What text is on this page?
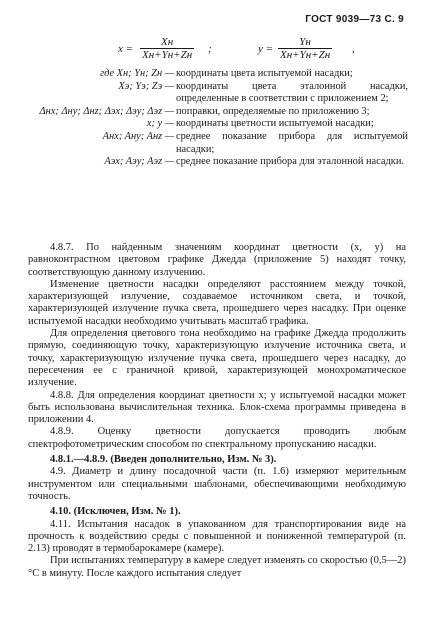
ГОСТ 9039—73 С. 9
x =
Xн
Xн+Yн+Zн ;	y =
Yн
Xн+Yн+Zн ,
где Xн; Yн; Zн — координаты цвета испытуемой насадки;
Xэ; Yэ; Zэ — координаты цвета эталонной насадки, определенные в соответствии с приложением 2;
Δнx; Δнy; Δнz; Δэx; Δэy; Δэz — поправки, определяемые по приложению 3;
x; y — координаты цветности испытуемой насадки;
Aнx; Aнy; Aнz — среднее показание прибора для испытуемой насадки;
Aэx; Aэy; Aэz — среднее показание прибора для эталонной насадки.

4.8.7. По найденным значениям координат цветности (x, y) на равноконтрастном цветовом графике Джедда (приложение 5) находят точку, соответствующую данному излучению.

Изменение цветности насадки определяют расстоянием между точкой, характеризующей излучение, создаваемое источником света, и точкой, характеризующей излучение пучка света, прошедшего через насадку. При оценке испытуемой насадки необходимо учитывать масштаб графика.

Для определения цветового тона необходимо на графике Джедда продолжить прямую, соединяющую точку, характеризующую излучение источника света, и точку, характеризующую излучение пучка света, прошедшего через насадку, до пересечения ее с граничной кривой, характеризующей монохроматическое излучение.

4.8.8. Для определения координат цветности x; y испытуемой насадки может быть использована вычислительная техника. Блок-схема программы приведена в приложении 4.

4.8.9. Оценку цветности допускается проводить любым спектрофотометрическим способом по спектральному пропусканию насадки.

4.8.1.—4.8.9. (Введен дополнительно, Изм. № 3).

4.9. Диаметр и длину посадочной части (п. 1.6) измеряют мерительным инструментом или специальными шаблонами, обеспечивающими необходимую точность.

4.10. (Исключен, Изм. № 1).

4.11. Испытания насадок в упакованном для транспортирования виде на прочность к воздействию среды с повышенной и пониженной температурой (п. 2.13) проводят в термобарокамере (камере).

При испытаниях температуру в камере следует изменять со скоростью (0,5—2)°С в минуту. После каждого испытания следует
